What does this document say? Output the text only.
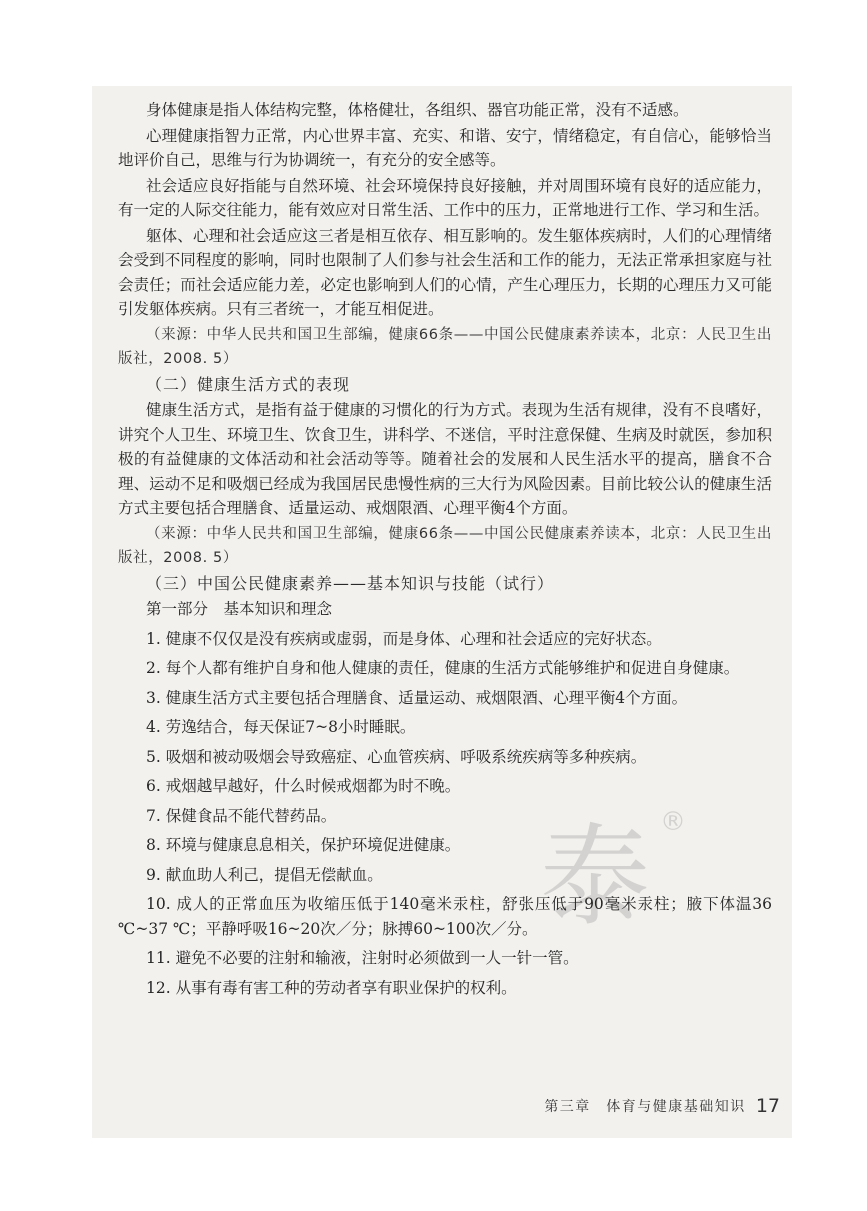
泰 ®

身体健康是指人体结构完整，体格健壮，各组织、器官功能正常，没有不适感。

心理健康指智力正常，内心世界丰富、充实、和谐、安宁，情绪稳定，有自信心，能够恰当地评价自己，思维与行为协调统一，有充分的安全感等。

社会适应良好指能与自然环境、社会环境保持良好接触，并对周围环境有良好的适应能力，有一定的人际交往能力，能有效应对日常生活、工作中的压力，正常地进行工作、学习和生活。

躯体、心理和社会适应这三者是相互依存、相互影响的。发生躯体疾病时，人们的心理情绪会受到不同程度的影响，同时也限制了人们参与社会生活和工作的能力，无法正常承担家庭与社会责任；而社会适应能力差，必定也影响到人们的心情，产生心理压力，长期的心理压力又可能引发躯体疾病。只有三者统一，才能互相促进。

（来源：中华人民共和国卫生部编，健康66条——中国公民健康素养读本，北京：人民卫生出版社，2008. 5）

（二）健康生活方式的表现

健康生活方式，是指有益于健康的习惯化的行为方式。表现为生活有规律，没有不良嗜好，讲究个人卫生、环境卫生、饮食卫生，讲科学、不迷信，平时注意保健、生病及时就医，参加积极的有益健康的文体活动和社会活动等等。随着社会的发展和人民生活水平的提高，膳食不合理、运动不足和吸烟已经成为我国居民患慢性病的三大行为风险因素。目前比较公认的健康生活方式主要包括合理膳食、适量运动、戒烟限酒、心理平衡4个方面。

（来源：中华人民共和国卫生部编，健康66条——中国公民健康素养读本，北京：人民卫生出版社，2008. 5）

（三）中国公民健康素养——基本知识与技能（试行）

第一部分　基本知识和理念

1. 健康不仅仅是没有疾病或虚弱，而是身体、心理和社会适应的完好状态。

2. 每个人都有维护自身和他人健康的责任，健康的生活方式能够维护和促进自身健康。

3. 健康生活方式主要包括合理膳食、适量运动、戒烟限酒、心理平衡4个方面。

4. 劳逸结合，每天保证7~8小时睡眠。

5. 吸烟和被动吸烟会导致癌症、心血管疾病、呼吸系统疾病等多种疾病。

6. 戒烟越早越好，什么时候戒烟都为时不晚。

7. 保健食品不能代替药品。

8. 环境与健康息息相关，保护环境促进健康。

9. 献血助人利己，提倡无偿献血。

10. 成人的正常血压为收缩压低于140毫米汞柱，舒张压低于90毫米汞柱；腋下体温36 ℃~37 ℃；平静呼吸16~20次／分；脉搏60~100次／分。

11. 避免不必要的注射和输液，注射时必须做到一人一针一管。

12. 从事有毒有害工种的劳动者享有职业保护的权利。

第三章　体育与健康基础知识 17
